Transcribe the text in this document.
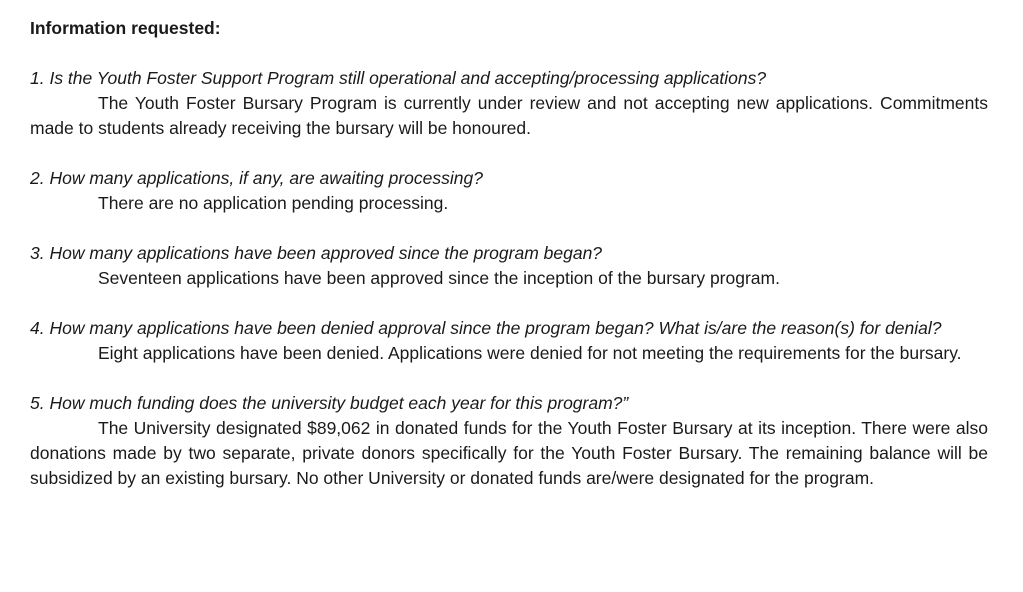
Information requested:

1. Is the Youth Foster Support Program still operational and accepting/processing applications?

The Youth Foster Bursary Program is currently under review and not accepting new applications. Commitments made to students already receiving the bursary will be honoured.

2. How many applications, if any, are awaiting processing?

There are no application pending processing.

3. How many applications have been approved since the program began?

Seventeen applications have been approved since the inception of the bursary program.

4. How many applications have been denied approval since the program began? What is/are the reason(s) for denial?

Eight applications have been denied. Applications were denied for not meeting the requirements for the bursary.

5. How much funding does the university budget each year for this program?”

The University designated $89,062 in donated funds for the Youth Foster Bursary at its inception. There were also donations made by two separate, private donors specifically for the Youth Foster Bursary. The remaining balance will be subsidized by an existing bursary. No other University or donated funds are/were designated for the program.
